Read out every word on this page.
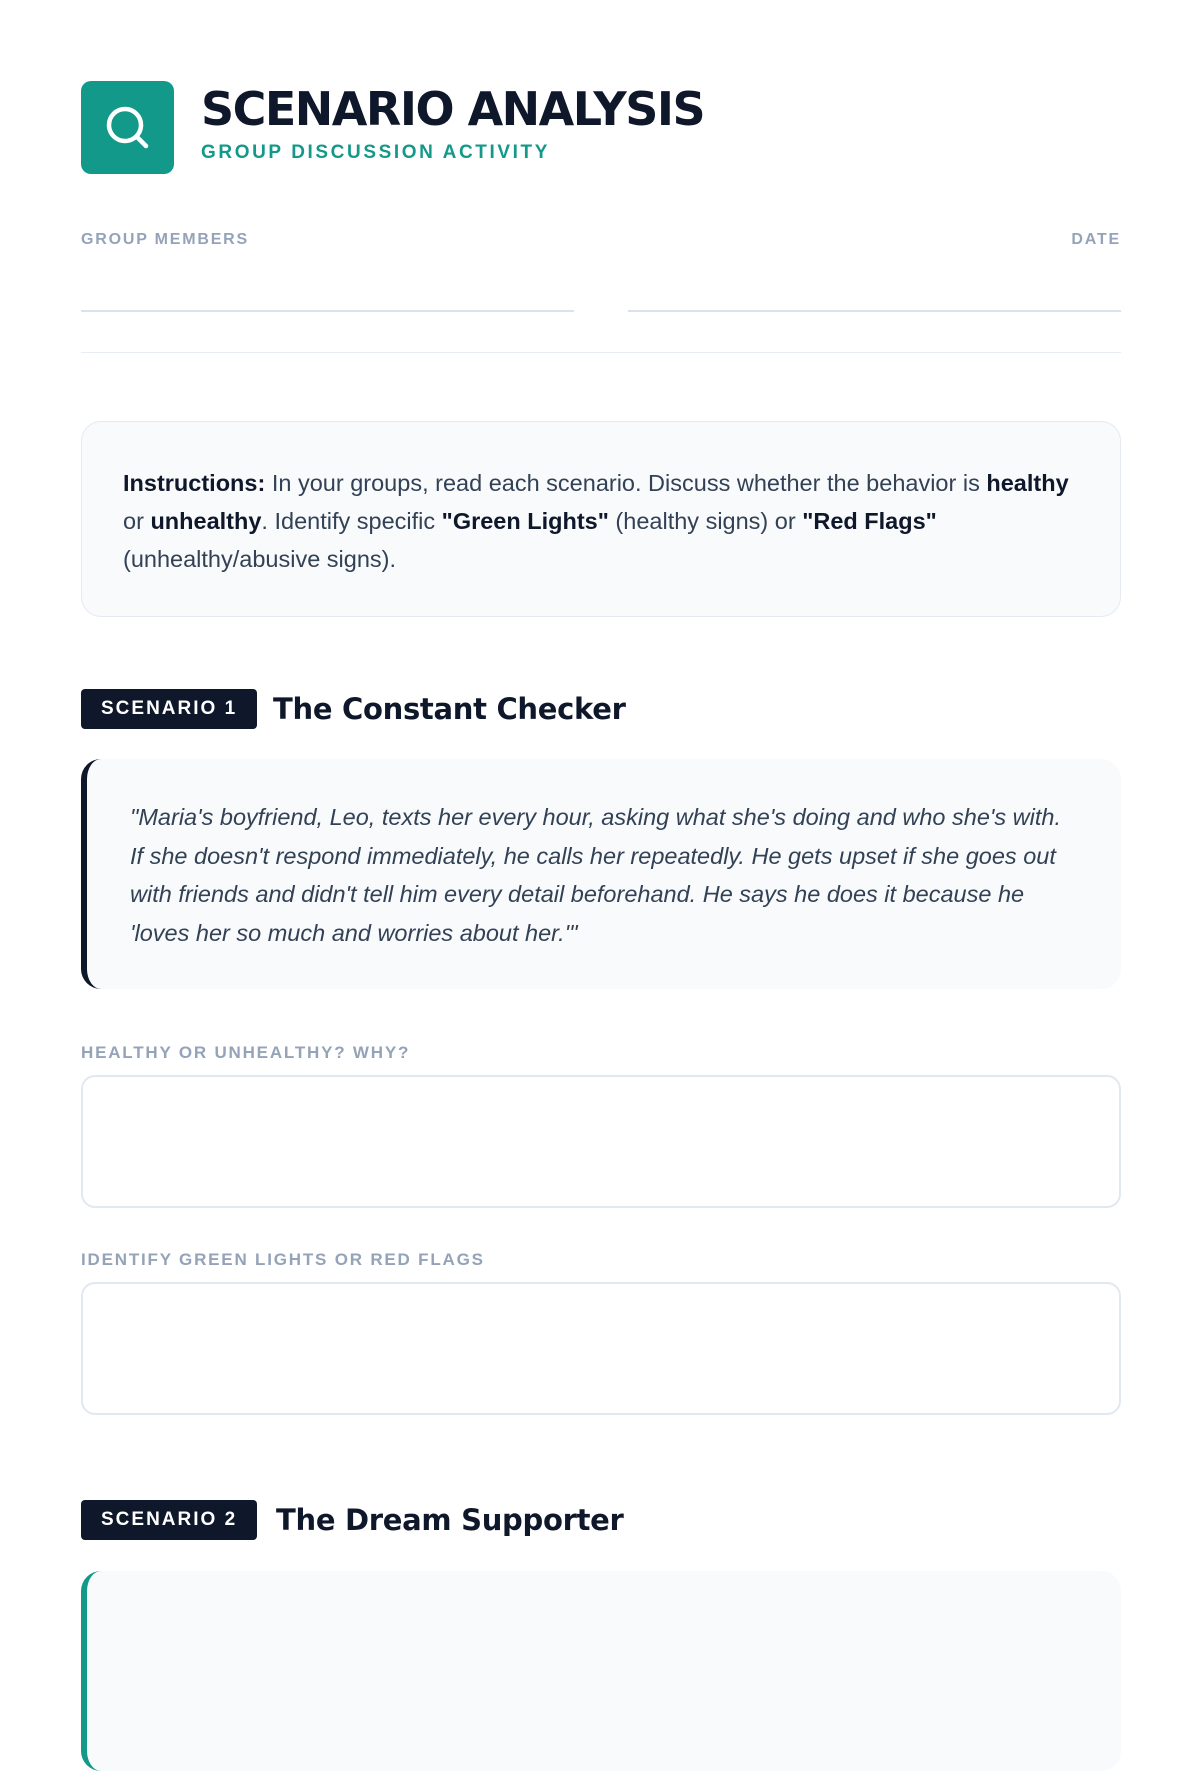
SCENARIO ANALYSIS
GROUP DISCUSSION ACTIVITY
GROUP MEMBERS	DATE
Instructions: In your groups, read each scenario. Discuss whether the behavior is healthy or unhealthy. Identify specific "Green Lights" (healthy signs) or "Red Flags" (unhealthy/abusive signs).
SCENARIO 1	The Constant Checker
"Maria's boyfriend, Leo, texts her every hour, asking what she's doing and who she's with. If she doesn't respond immediately, he calls her repeatedly. He gets upset if she goes out with friends and didn't tell him every detail beforehand. He says he does it because he 'loves her so much and worries about her.'"
HEALTHY OR UNHEALTHY? WHY?
IDENTIFY GREEN LIGHTS OR RED FLAGS
SCENARIO 2	The Dream Supporter
